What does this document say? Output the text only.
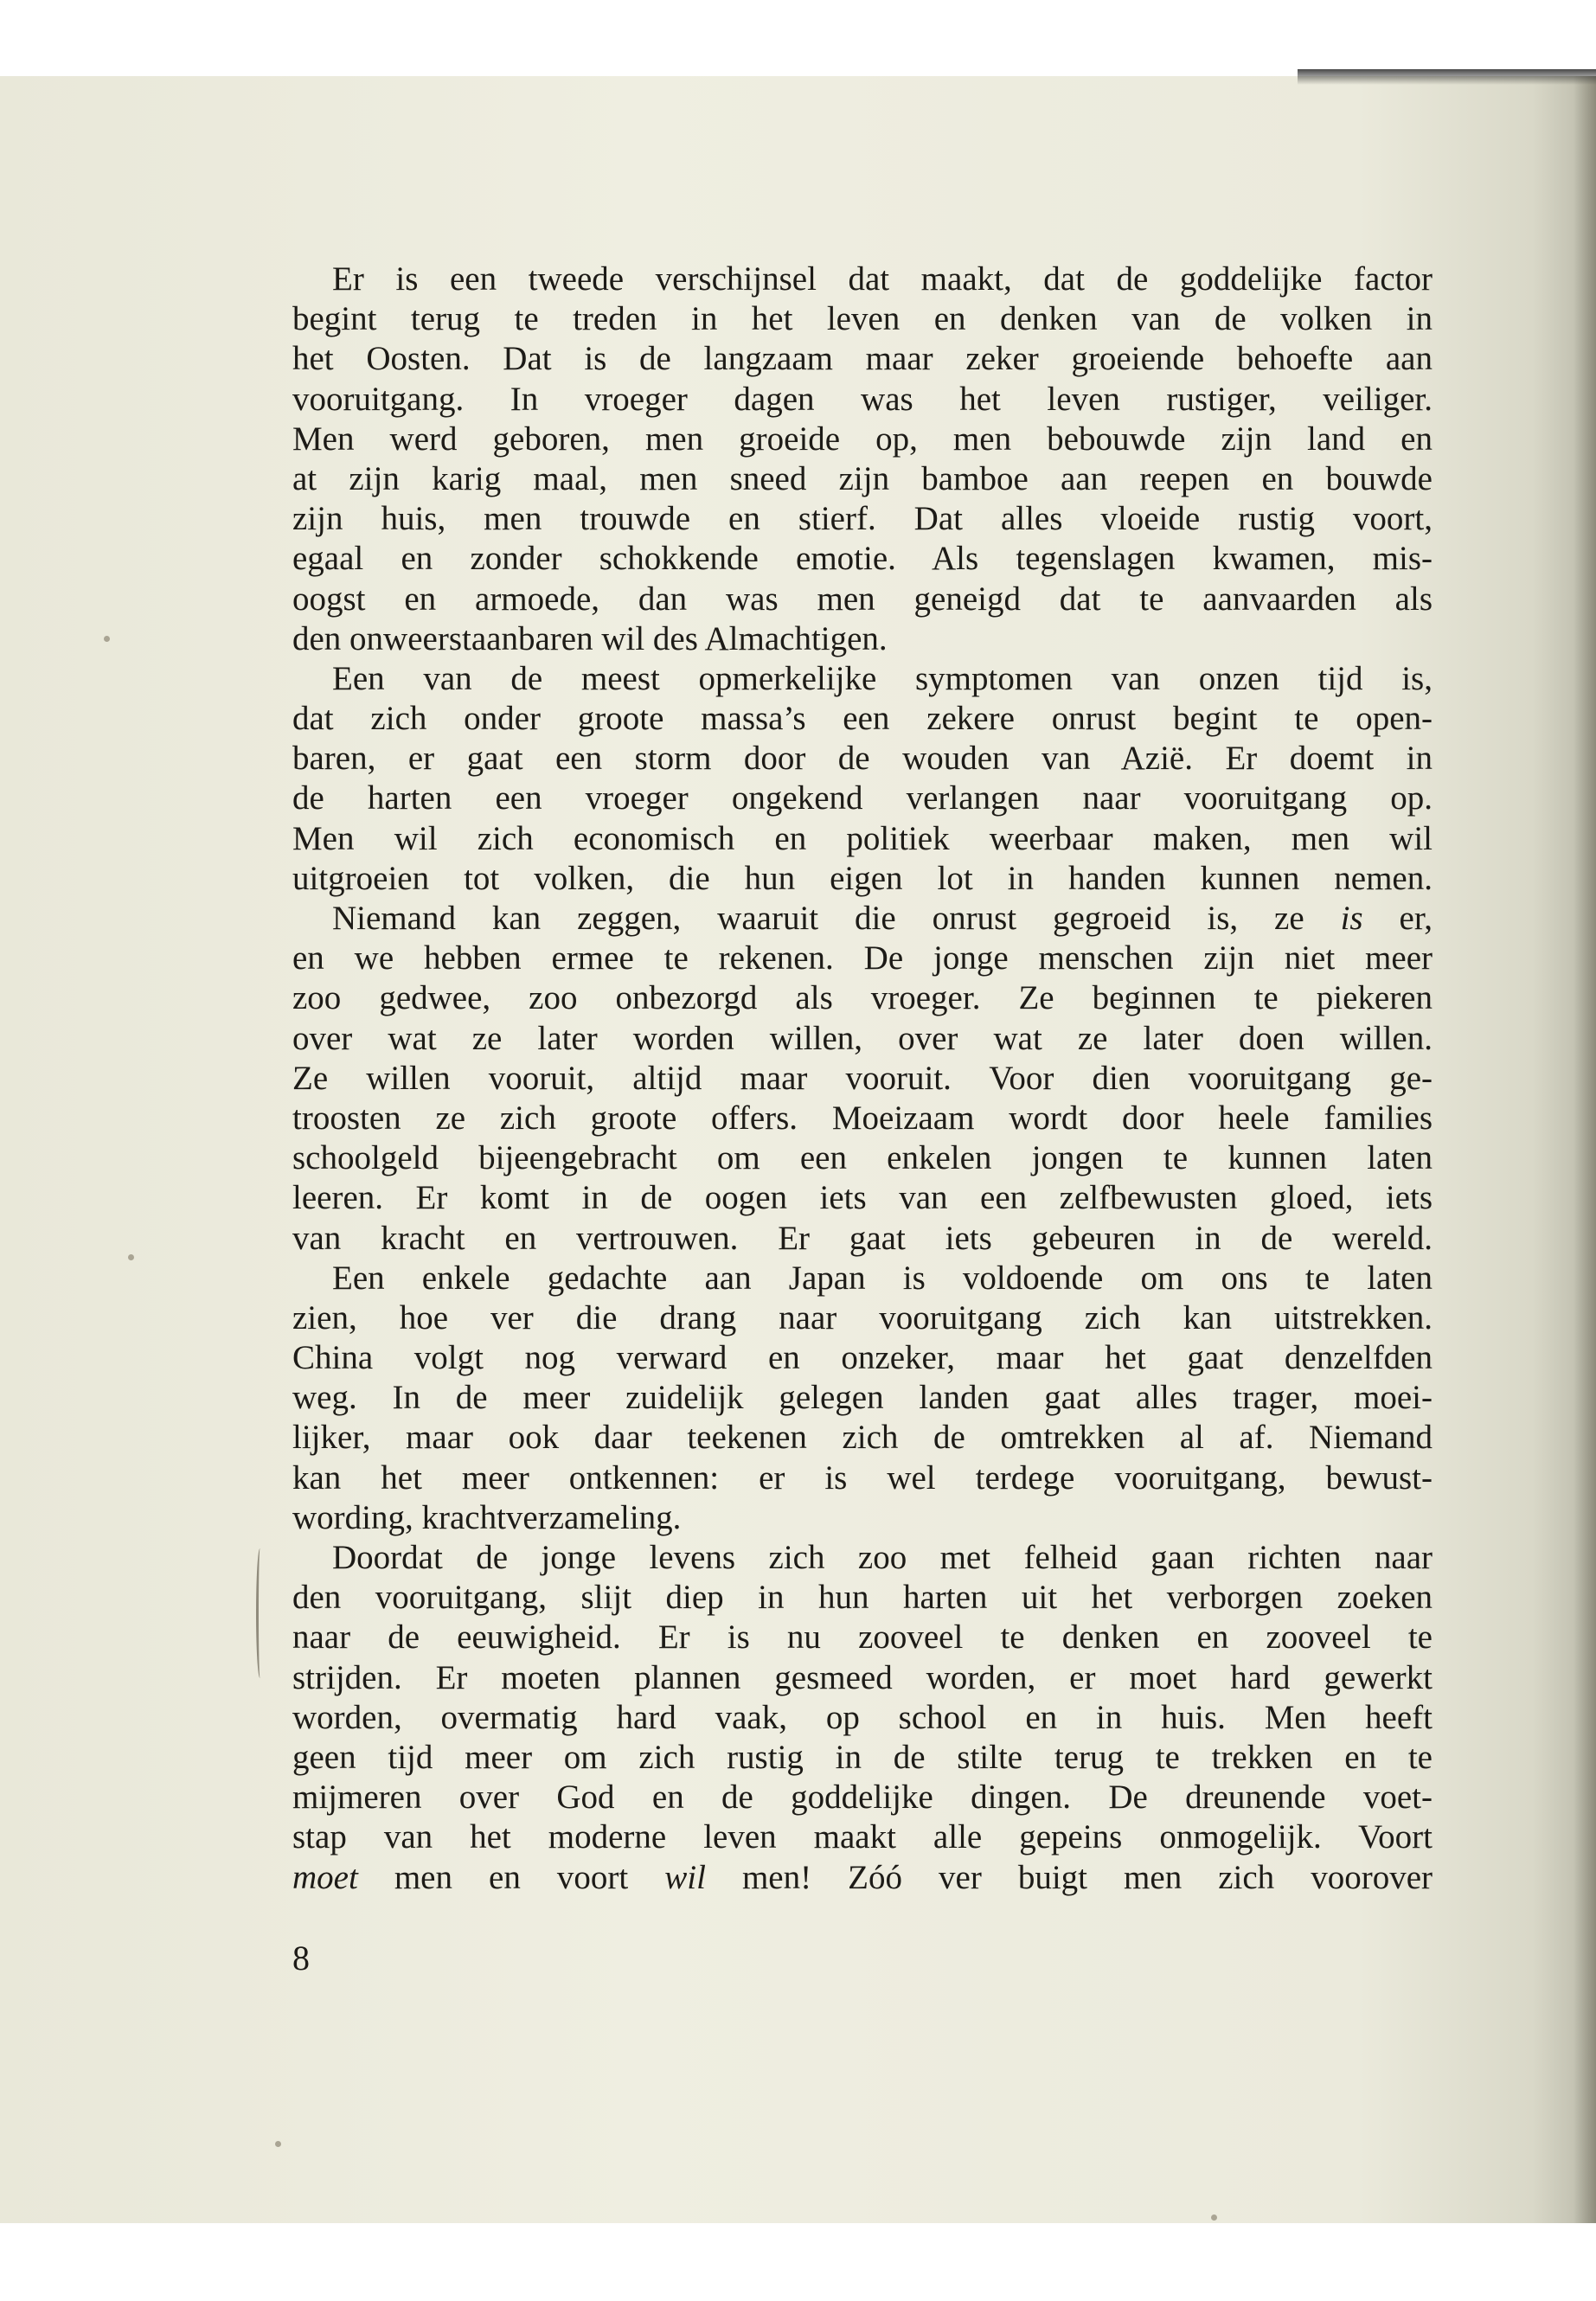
Er is een tweede verschijnsel dat maakt, dat de goddelijke factor
begint terug te treden in het leven en denken van de volken in
het Oosten. Dat is de langzaam maar zeker groeiende behoefte aan
vooruitgang. In vroeger dagen was het leven rustiger, veiliger.
Men werd geboren, men groeide op, men bebouwde zijn land en
at zijn karig maal, men sneed zijn bamboe aan reepen en bouwde
zijn huis, men trouwde en stierf. Dat alles vloeide rustig voort,
egaal en zonder schokkende emotie. Als tegenslagen kwamen, mis-
oogst en armoede, dan was men geneigd dat te aanvaarden als
den onweerstaanbaren wil des Almachtigen.
Een van de meest opmerkelijke symptomen van onzen tijd is,
dat zich onder groote massa’s een zekere onrust begint te open-
baren, er gaat een storm door de wouden van Azië. Er doemt in
de harten een vroeger ongekend verlangen naar vooruitgang op.
Men wil zich economisch en politiek weerbaar maken, men wil
uitgroeien tot volken, die hun eigen lot in handen kunnen nemen.
Niemand kan zeggen, waaruit die onrust gegroeid is, ze is er,
en we hebben ermee te rekenen. De jonge menschen zijn niet meer
zoo gedwee, zoo onbezorgd als vroeger. Ze beginnen te piekeren
over wat ze later worden willen, over wat ze later doen willen.
Ze willen vooruit, altijd maar vooruit. Voor dien vooruitgang ge-
troosten ze zich groote offers. Moeizaam wordt door heele families
schoolgeld bijeengebracht om een enkelen jongen te kunnen laten
leeren. Er komt in de oogen iets van een zelfbewusten gloed, iets
van kracht en vertrouwen. Er gaat iets gebeuren in de wereld.
Een enkele gedachte aan Japan is voldoende om ons te laten
zien, hoe ver die drang naar vooruitgang zich kan uitstrekken.
China volgt nog verward en onzeker, maar het gaat denzelfden
weg. In de meer zuidelijk gelegen landen gaat alles trager, moei-
lijker, maar ook daar teekenen zich de omtrekken al af. Niemand
kan het meer ontkennen: er is wel terdege vooruitgang, bewust-
wording, krachtverzameling.
Doordat de jonge levens zich zoo met felheid gaan richten naar
den vooruitgang, slijt diep in hun harten uit het verborgen zoeken
naar de eeuwigheid. Er is nu zooveel te denken en zooveel te
strijden. Er moeten plannen gesmeed worden, er moet hard gewerkt
worden, overmatig hard vaak, op school en in huis. Men heeft
geen tijd meer om zich rustig in de stilte terug te trekken en te
mijmeren over God en de goddelijke dingen. De dreunende voet-
stap van het moderne leven maakt alle gepeins onmogelijk. Voort
moet men en voort wil men! Zóó ver buigt men zich voorover
8
